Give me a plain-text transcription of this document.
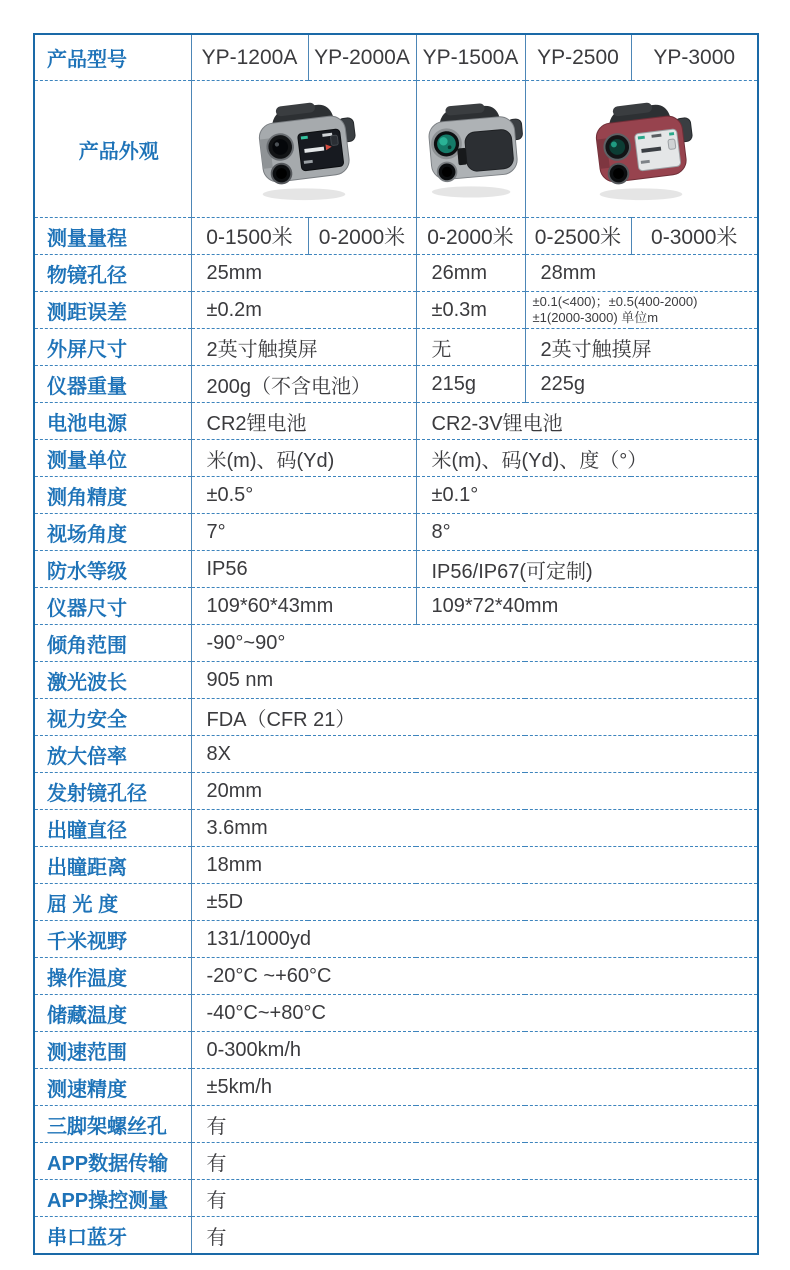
产品型号	YP-1200A	YP-2000A	YP-1500A	YP-2500	YP-3000
产品外观			
测量量程	0-1500米	0-2000米	0-2000米	0-2500米	0-3000米
物镜孔径	25mm		26mm	28mm	
测距误差	±0.2m		±0.3m	±0.1(<400)；±0.5(400-2000)
±1(2000-3000) 单位m	

外屏尺寸	2英寸触摸屏		无	2英寸触摸屏	
仪器重量	200g（不含电池）		215g	225g	
电池电源	CR2锂电池		CR2-3V锂电池		
测量单位	米(m)、码(Yd)		米(m)、码(Yd)、度（°）		
测角精度	±0.5°		±0.1°		
视场角度	7°		8°		
防水等级	IP56		IP56/IP67(可定制)		
仪器尺寸	109*60*43mm		109*72*40mm		
倾角范围	-90°~90°				
激光波长	905 nm				
视力安全	FDA（CFR 21）				
放大倍率	8X				
发射镜孔径	20mm				
出瞳直径	3.6mm				
出瞳距离	18mm				
屈 光 度	±5D				
千米视野	131/1000yd				
操作温度	-20°C ~+60°C				
储藏温度	-40°C~+80°C				
测速范围	0-300km/h				
测速精度	±5km/h				
三脚架螺丝孔	有				
APP数据传输	有				
APP操控测量	有				
串口蓝牙	有				
